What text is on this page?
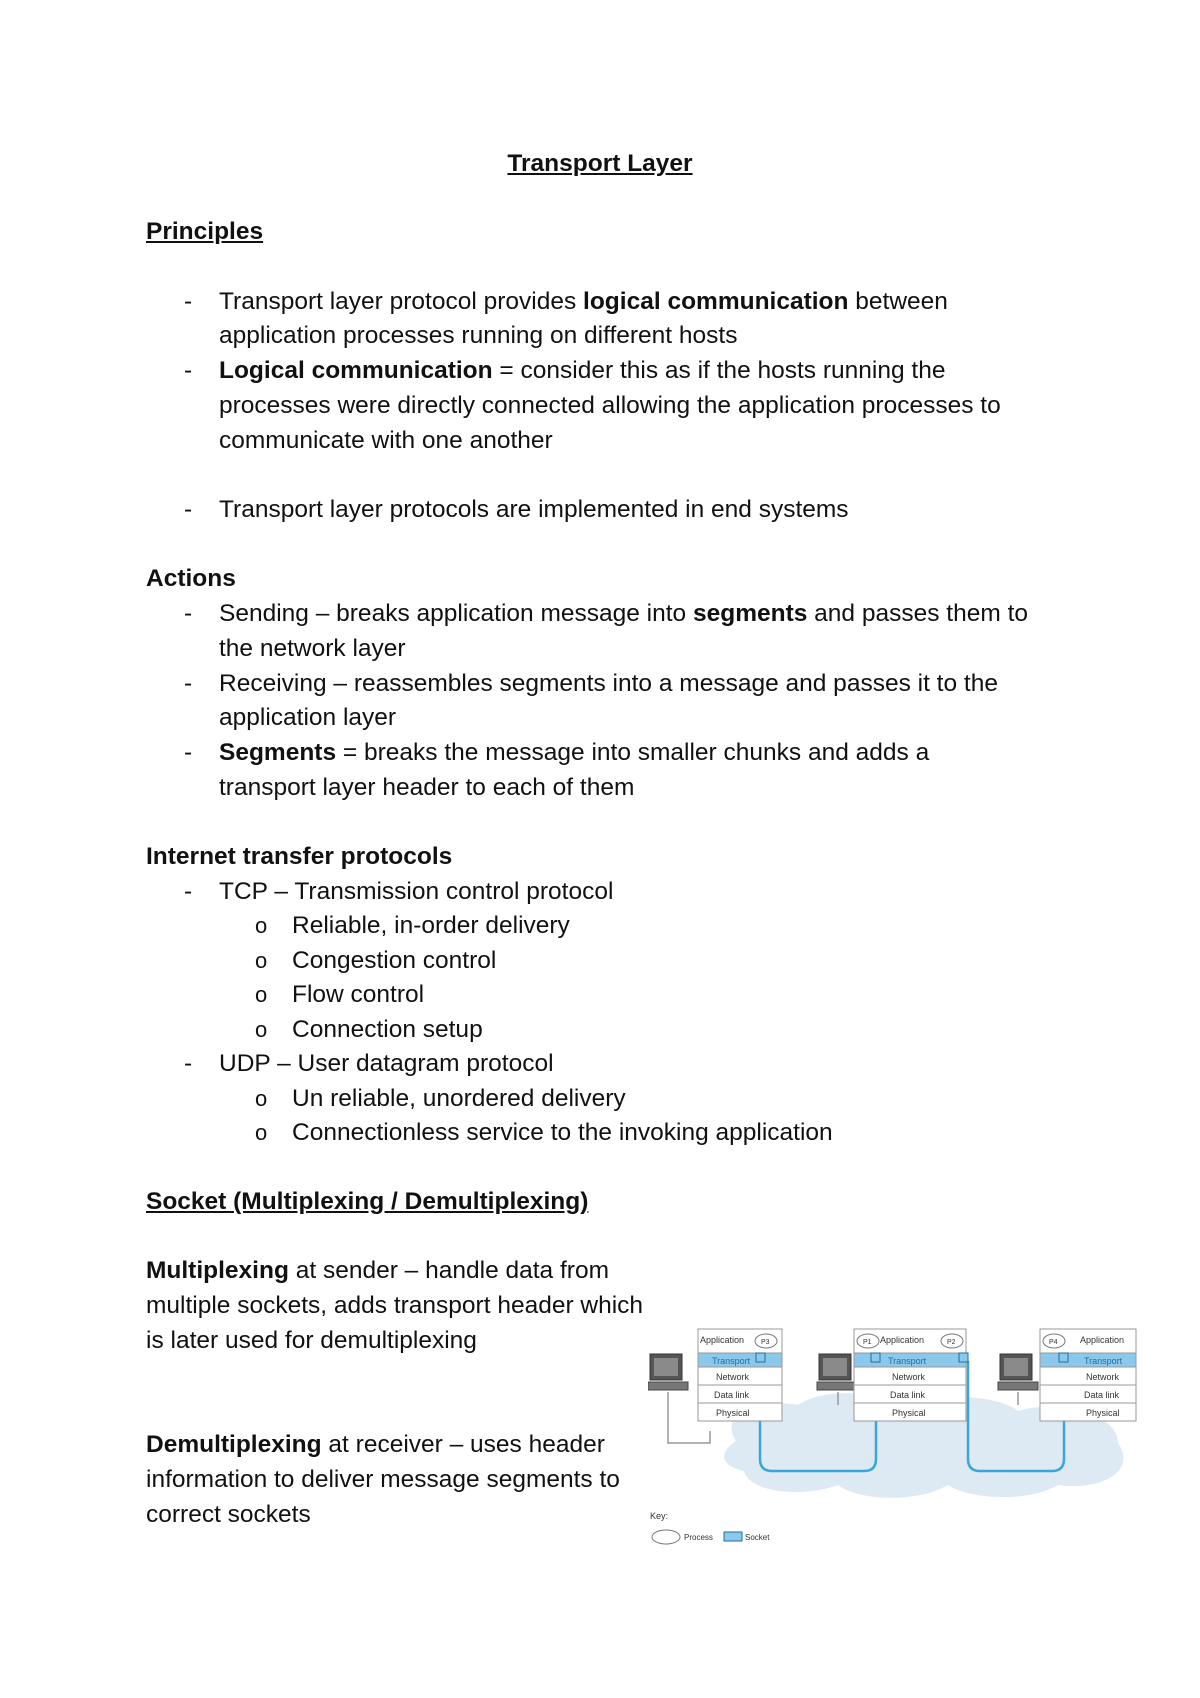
Transport Layer
Principles
- Transport layer protocol provides logical communication between
application processes running on different hosts
- Logical communication = consider this as if the hosts running the
processes were directly connected allowing the application processes to
communicate with one another
- Transport layer protocols are implemented in end systems
Actions
- Sending – breaks application message into segments and passes them to
the network layer
- Receiving – reassembles segments into a message and passes it to the
application layer
- Segments = breaks the message into smaller chunks and adds a
transport layer header to each of them
Internet transfer protocols
- TCP – Transmission control protocol
o Reliable, in-order delivery
o Congestion control
o Flow control
o Connection setup
- UDP – User datagram protocol
o Un reliable, unordered delivery
o Connectionless service to the invoking application
Socket (Multiplexing / Demultiplexing)
Multiplexing at sender – handle data from multiple sockets, adds transport header which is later used for demultiplexing
Demultiplexing at receiver – uses header information to deliver message segments to correct sockets
Application
Transport
Network
Data link
Physical
P3	Application
Transport
Network
Data link
Physical
P1	P2	Application
Transport
Network
Data link
Physical
P4
Key:
Process	Socket
